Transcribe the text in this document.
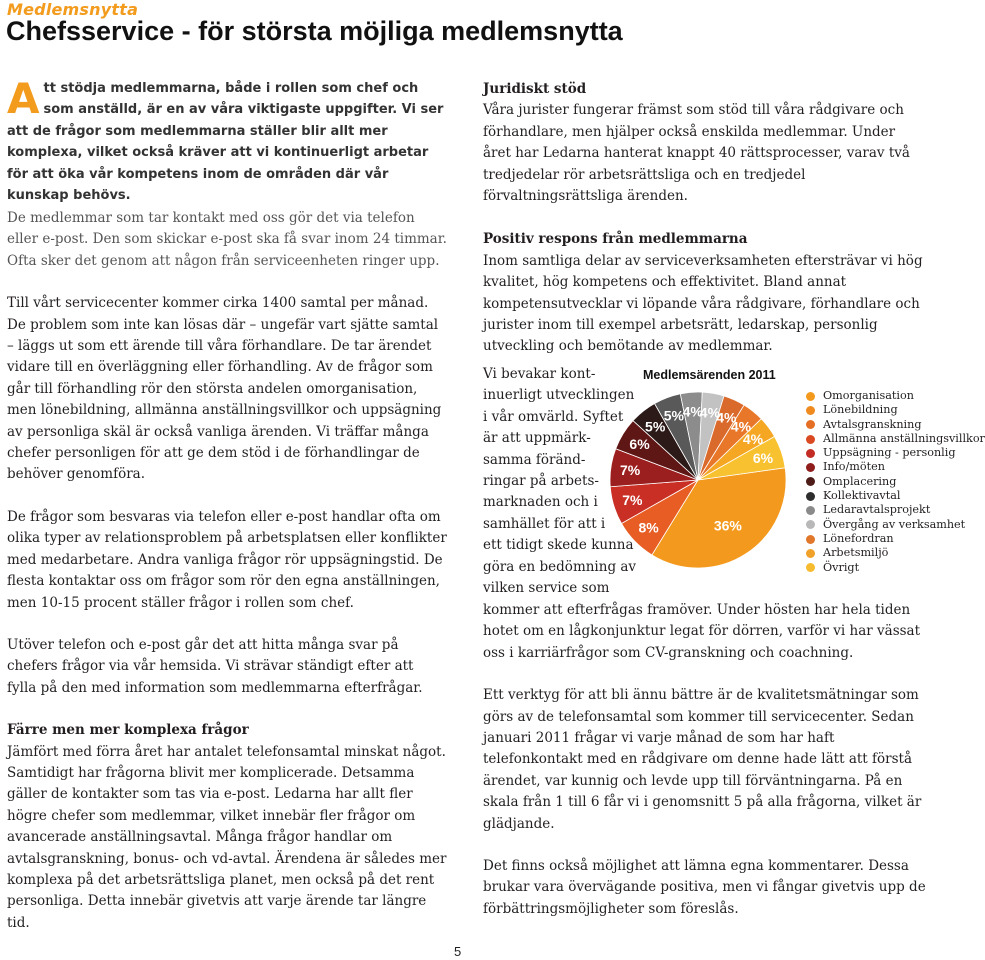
Medlemsnytta
Chefsservice - för största möjliga medlemsnytta
Att stödja medlemmarna, både i rollen som chef och som anställd, är en av våra viktigaste uppgifter. Vi ser att de frågor som medlemmarna ställer blir allt mer komplexa, vilket också kräver att vi kontinuerligt arbetar för att öka vår kompetens inom de områden där vår kunskap behövs.

De medlemmar som tar kontakt med oss gör det via telefon eller e-post. Den som skickar e-post ska få svar inom 24 timmar. Ofta sker det genom att någon från serviceenheten ringer upp.

Till vårt servicecenter kommer cirka 1400 samtal per månad. De problem som inte kan lösas där – ungefär vart sjätte samtal – läggs ut som ett ärende till våra förhandlare. De tar ärendet vidare till en överläggning eller förhandling. Av de frågor som går till förhandling rör den största andelen omorganisation, men lönebildning, allmänna anställningsvillkor och uppsägning av personliga skäl är också vanliga ärenden. Vi träffar många chefer personligen för att ge dem stöd i de förhandlingar de behöver genomföra.

De frågor som besvaras via telefon eller e-post handlar ofta om olika typer av relationsproblem på arbetsplatsen eller konflikter med medarbetare. Andra vanliga frågor rör uppsägningstid. De flesta kontaktar oss om frågor som rör den egna anställningen, men 10-15 procent ställer frågor i rollen som chef.

Utöver telefon och e-post går det att hitta många svar på chefers frågor via vår hemsida. Vi strävar ständigt efter att fylla på den med information som medlemmarna efterfrågar.

Färre men mer komplexa frågor

Jämfört med förra året har antalet telefonsamtal minskat något. Samtidigt har frågorna blivit mer komplicerade. Detsamma gäller de kontakter som tas via e-post. Ledarna har allt fler högre chefer som medlemmar, vilket innebär fler frågor om avancerade anställningsavtal. Många frågor handlar om avtalsgranskning, bonus- och vd-avtal. Ärendena är således mer komplexa på det arbetsrättsliga planet, men också på det rent personliga. Detta innebär givetvis att varje ärende tar längre tid.

Juridiskt stöd

Våra jurister fungerar främst som stöd till våra rådgivare och förhandlare, men hjälper också enskilda medlemmar. Under året har Ledarna hanterat knappt 40 rättsprocesser, varav två tredjedelar rör arbetsrättsliga och en tredjedel förvaltningsrättsliga ärenden.

Positiv respons från medlemmarna

Inom samtliga delar av serviceverksamheten eftersträvar vi hög kvalitet, hög kompetens och effektivitet. Bland annat kompetensutvecklar vi löpande våra rådgivare, förhandlare och jurister inom till exempel arbetsrätt, ledarskap, personlig utveckling och bemötande av medlemmar.

Vi bevakar kont-
inuerligt utvecklingen
i vår omvärld. Syftet
är att uppmärk-
samma föränd-
ringar på arbets-
marknaden och i
samhället för att i
ett tidigt skede kunna
göra en bedömning av
vilken service som

kommer att efterfrågas framöver. Under hösten har hela tiden hotet om en lågkonjunktur legat för dörren, varför vi har vässat oss i karriärfrågor som CV-granskning och coachning.

Ett verktyg för att bli ännu bättre är de kvalitetsmätningar som görs av de telefonsamtal som kommer till servicecenter. Sedan januari 2011 frågar vi varje månad de som har haft telefonkontakt med en rådgivare om denne hade lätt att förstå ärendet, var kunnig och levde upp till förväntningarna. På en skala från 1 till 6 får vi i genomsnitt 5 på alla frågorna, vilket är glädjande.

Det finns också möjlighet att lämna egna kommentarer. Dessa brukar vara övervägande positiva, men vi fångar givetvis upp de förbättringsmöjligheter som föreslås.

Medlemsärenden 2011
36%
8%
7%
7%
6%
5%
5%
4%
4%
4%
4%
4%
6%
Omorganisation
Lönebildning
Avtalsgranskning
Allmänna anställningsvillkor
Uppsägning - personlig
Info/möten
Omplacering
Kollektivavtal
Ledaravtalsprojekt
Övergång av verksamhet
Lönefordran
Arbetsmiljö
Övrigt
5
